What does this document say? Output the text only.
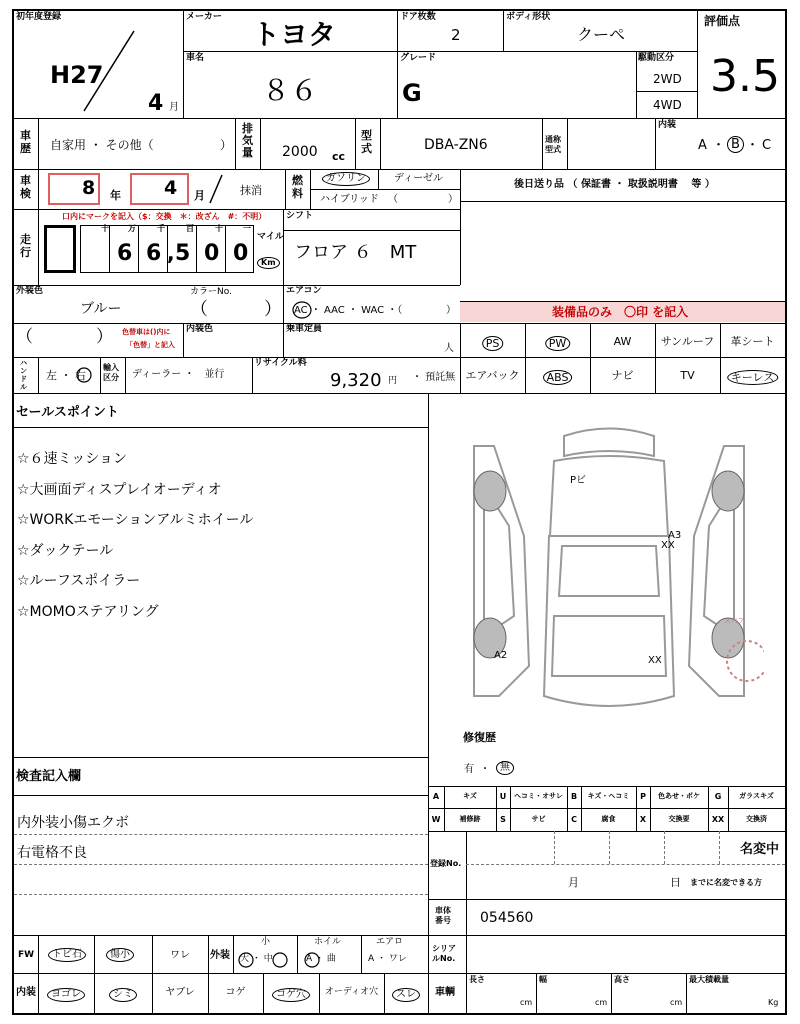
初年度登録
H27
4 月
メーカー
トヨタ
ドア枚数
2
ボディ形状
クーペ
評価点
3.5
車名
８６
グレード
G
駆動区分
2WD
4WD
車歴 自家用 ・ その他（	）
排気量 2000 cc
型式	DBA-ZN6	通称型式
内装
A ・ B ・ C
車検	8 年 4 月	抹消
燃料
ガソリン	ディーゼル
ハイブリッド （	）
後日送り品 （ 保証書 ・ 取扱説明書 　等 ）
走行
口内にマークを記入（$：交換　＊：改ざん　#：不明）
十 万	千	百	十	一
6 6 , 5 0 0
マイル
Km
シフト
フロア ６　MT
装備品のみ　〇印 を記入
外装色
ブルー
カラーNo.
（	）
エアコン
AC ・ AAC ・ WAC ・（	）
（	） 色替車は()内に
「色替」と記入
内装色	乗車定員
人
ハンドル
左 ・ 右
輸入区分	ディーラー ・　並行
リサイクル料
9,320 円 ・ 預託無
セールスポイント
☆６速ミッション
☆大画面ディスプレイオーディオ
☆WORKエモーションアルミホイール
☆ダックテール
☆ルーフスポイラー
☆MOMOステアリング
Pビ
A3
XX
A2	XX
スペア
修復歴
有 ・	無
検査記入欄
内外装小傷エクボ
右電格不良
登録No.
名変中
月	日 までに名変できる方
車体番号	054560
シリアルNo.
FW	トビ石	傷小	ワレ 外装
小
大 ・ 中
ホイル
A ・ 曲
エアロ
A ・ ワレ
内装	車輌
長さ	幅	高さ	最大積載量
cm	cm	cm	Kg
PS	PW	AW	サンルーフ 革シート
エアバック	ABS	ナビ	TV	キーレス
A	キズ	U ヘコミ・オサレ B キズ・ヘコミ P 色あせ・ボケ G	ガラスキズ
W	補修跡 S	サビ	C	腐食	X	交換要	XX	交換済
ヨゴレ	シミ	ヤブレ	コゲ	コゲ穴	オーディオ穴	スレ
